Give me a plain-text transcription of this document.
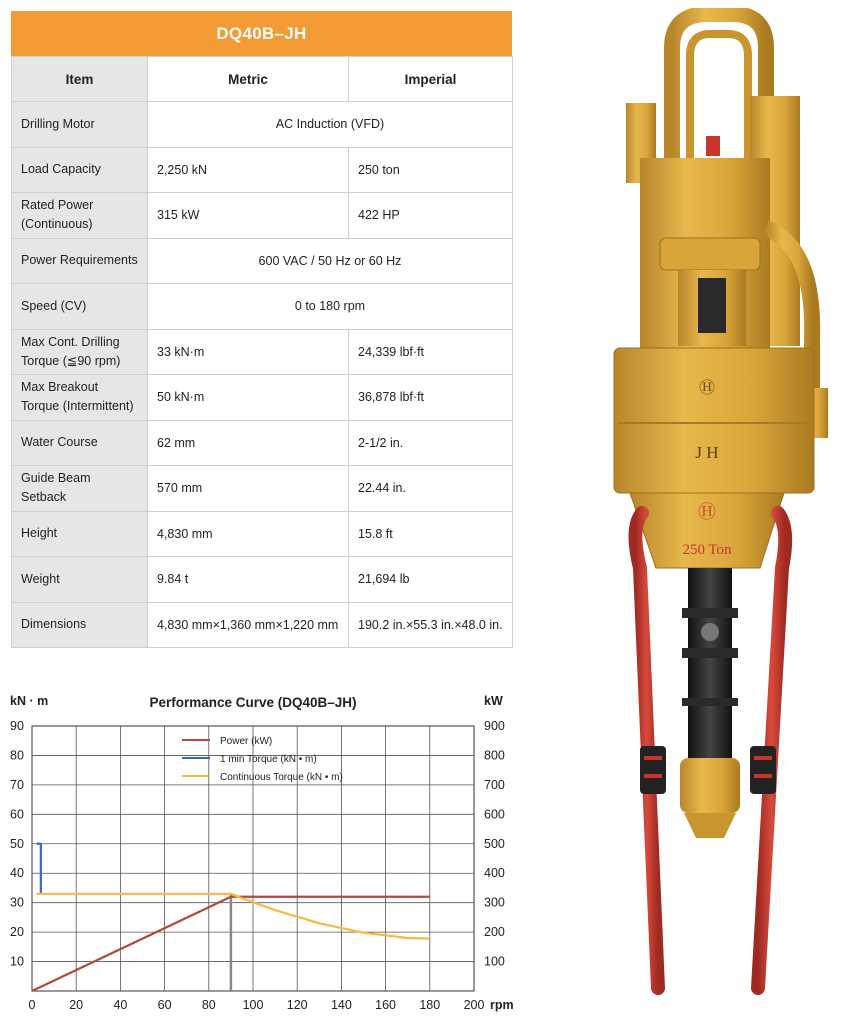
DQ40B–JH
Item	Metric	Imperial
Drilling Motor	AC Induction (VFD)	
Load Capacity	2,250 kN	250 ton
Rated Power (Continuous)	315 kW	422 HP
Power Requirements	600 VAC / 50 Hz or 60 Hz	
Speed (CV)	0 to 180 rpm	
Max Cont. Drilling Torque (≦90 rpm)	33 kN·m	24,339 lbf·ft
Max Breakout Torque (Intermittent)	50 kN·m	36,878 lbf·ft
Water Course	62 mm	2-1/2 in.
Guide Beam Setback	570 mm	22.44 in.
Height	4,830 mm	15.8 ft
Weight	9.84 t	21,694 lb
Dimensions	4,830 mm×1,360 mm×1,220 mm	190.2 in.×55.3 in.×48.0 in.
0	20 40 60 80 100 120 140 160 180 200
90
80
70
60
50
40
30
20
10
900
800
700
600
500
400
300
200
100
kN · m	kW
Performance Curve (DQ40B–JH)
rpm
Power (kW)
1 min Torque (kN • m)
Continuous Torque (kN • m)
Ⓗ
J H
Ⓗ
250 Ton
